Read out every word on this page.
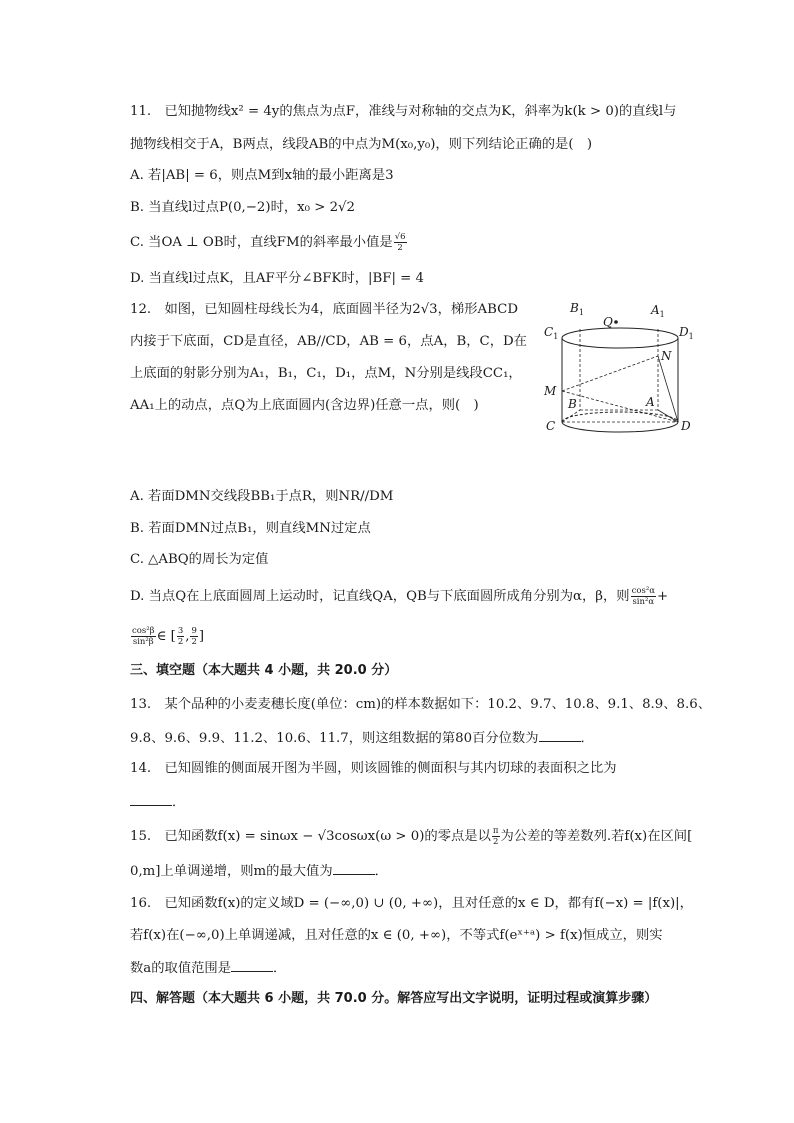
11.　已知抛物线x² = 4y的焦点为点F，准线与对称轴的交点为K，斜率为k(k > 0)的直线l与
抛物线相交于A，B两点，线段AB的中点为M(x₀,y₀)，则下列结论正确的是(　)
A. 若|AB| = 6，则点M到x轴的最小距离是3
B. 当直线l过点P(0,−2)时，x₀ > 2√2
C. 当OA ⊥ OB时，直线FM的斜率最小值是 $\frac{√6}{2}$
D. 当直线l过点K，且AF平分∠BFK时，|BF| = 4
12.　如图，已知圆柱母线长为4，底面圆半径为2√3，梯形ABCD
内接于下底面，CD是直径，AB//CD，AB = 6，点A，B，C，D在
上底面的射影分别为A₁，B₁，C₁，D₁，点M，N分别是线段CC₁，
AA₁上的动点，点Q为上底面圆内(含边界)任意一点，则(　)
$B_1$	$A_1$
$C_1$	$D_1$
Q
N
M
B	A
C	D
A. 若面DMN交线段BB₁于点R，则NR//DM
B. 若面DMN过点B₁，则直线MN过定点
C. △ABQ的周长为定值
D. 当点Q在上底面圆周上运动时，记直线QA，QB与下底面圆所成角分别为α，β，则 $\frac{\text{cos²α}}{\text{sin²α}}$ +
$\frac{\text{cos²β}}{\text{sin²β}}$ ∈ [ $\frac{3}{2}$ , $\frac{9}{2}$ ]
三、填空题（本大题共 4 小题，共 20.0 分）
13.　某个品种的小麦麦穗长度(单位：cm)的样本数据如下：10.2、9.7、10.8、9.1、8.9、8.6、
9.8、9.6、9.9、11.2、10.6、11.7，则这组数据的第80百分位数为	．
14.　已知圆锥的侧面展开图为半圆，则该圆锥的侧面积与其内切球的表面积之比为
．
15.　已知函数f(x) = sinωx − √3cosωx(ω > 0)的零点是以 $\frac{\pi}{2}$ 为公差的等差数列.若f(x)在区间[
0,m]上单调递增，则m的最大值为	．
16.　已知函数f(x)的定义域D = (−∞,0) ∪ (0, +∞)，且对任意的x ∈ D，都有f(−x) = |f(x)|，
若f(x)在(−∞,0)上单调递减，且对任意的x ∈ (0, +∞)，不等式f(eˣ⁺ᵃ) > f(x)恒成立，则实
数a的取值范围是	．
四、解答题（本大题共 6 小题，共 70.0 分。解答应写出文字说明，证明过程或演算步骤）
